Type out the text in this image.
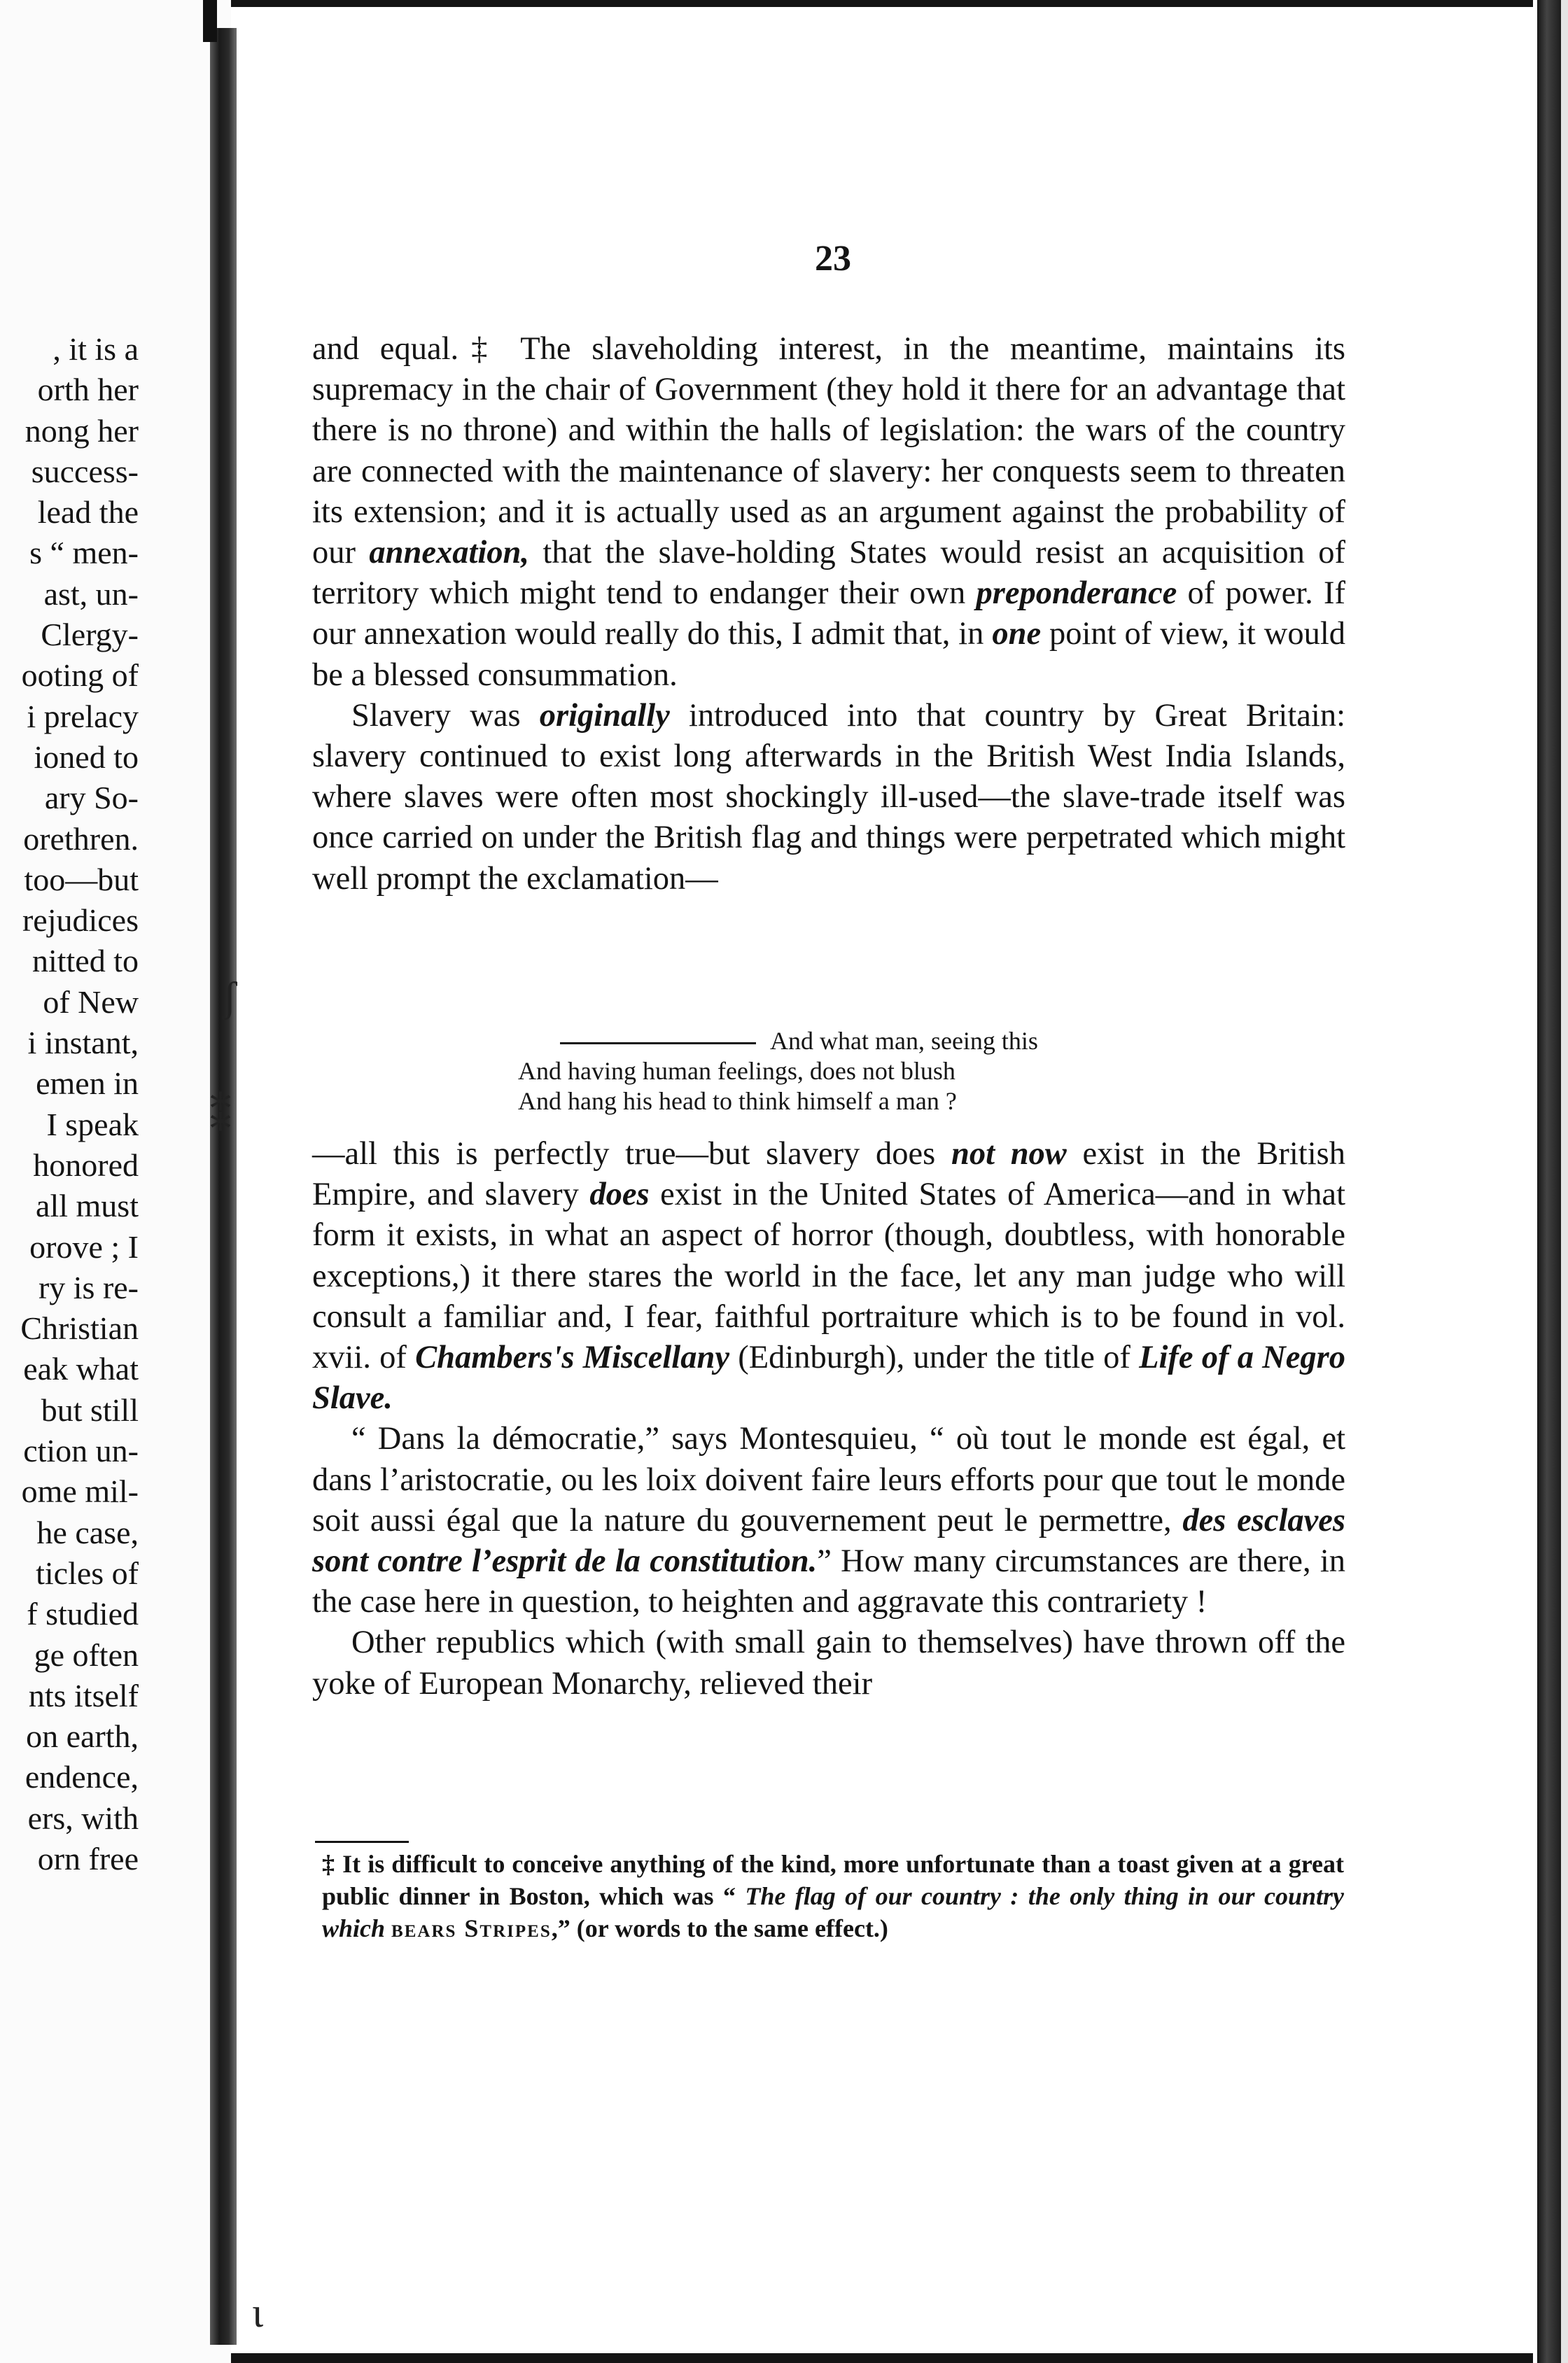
ʃ
⁑
ɩ
, it is a
orth her
nong her
success-
lead the
s “ men-
ast, un-
Clergy-
ooting of
i prelacy
ioned to
ary So-
orethren.
too—but
rejudices
nitted to
of New
i instant,
emen in
I speak
honored
all must
orove ; I
ry is re-
Christian
eak what
but still
ction un-
ome mil-
he case,
ticles of
f studied
ge often
nts itself
on earth,
endence,
ers, with
orn free
23

and equal.‡ The slaveholding interest, in the meantime, maintains its supremacy in the chair of Government (they hold it there for an advantage that there is no throne) and within the halls of legislation: the wars of the country are connected with the maintenance of slavery: her conquests seem to threaten its extension; and it is actually used as an argument against the probability of our annexation, that the slave-holding States would resist an acquisition of territory which might tend to endanger their own preponderance of power. If our annexation would really do this, I admit that, in one point of view, it would be a blessed consummation.

Slavery was originally introduced into that country by Great Britain: slavery continued to exist long afterwards in the British West India Islands, where slaves were often most shockingly ill-used—the slave-trade itself was once carried on under the British flag and things were perpetrated which might well prompt the exclamation—

And what man, seeing this
And having human feelings, does not blush
And hang his head to think himself a man ?

—all this is perfectly true—but slavery does not now exist in the British Empire, and slavery does exist in the United States of America—and in what form it exists, in what an aspect of horror (though, doubtless, with honorable exceptions,) it there stares the world in the face, let any man judge who will consult a familiar and, I fear, faithful portraiture which is to be found in vol. xvii. of Chambers's Miscellany (Edinburgh), under the title of Life of a Negro Slave.

“ Dans la démocratie,” says Montesquieu, “ où tout le monde est égal, et dans l’aristocratie, ou les loix doivent faire leurs efforts pour que tout le monde soit aussi égal que la nature du gouvernement peut le permettre, des esclaves sont contre l’esprit de la constitution.” How many circumstances are there, in the case here in question, to heighten and aggravate this contrariety !

Other republics which (with small gain to themselves) have thrown off the yoke of European Monarchy, relieved their

‡ It is difficult to conceive anything of the kind, more unfortunate than a toast given at a great public dinner in Boston, which was “ The flag of our country : the only thing in our country which bears Stripes,” (or words to the same effect.)
